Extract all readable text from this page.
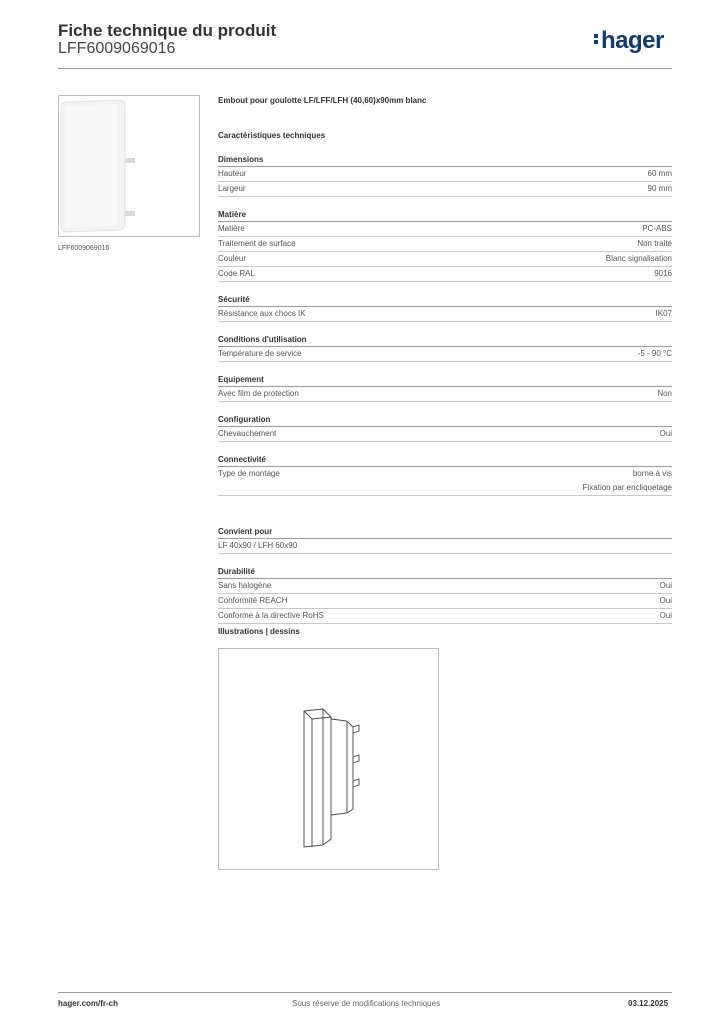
Fiche technique du produit
LFF6009069016	hager
LFF6009069016
Embout pour goulotte LF/LFF/LFH (40,60)x90mm blanc
Caractéristiques techniques
Dimensions
Hauteur	60 mm
Largeur	90 mm
Matière
Matière	PC-ABS
Traitement de surface	Non traité
Couleur	Blanc signalisation
Code RAL	9016
Sécurité
Résistance aux chocs IK	IK07
Conditions d'utilisation
Température de service	-5 - 90 °C
Equipement
Avec film de protection	Non
Configuration
Chevauchement	Oui
Connectivité
Type de montage	borne à vis
Fixation par encliquetage
Convient pour
LF 40x90 / LFH 60x90
Durabilité
Sans halogène	Oui
Conformité REACH	Oui
Conforme à la directive RoHS	Oui
Illustrations | dessins
hager.com/fr-ch	Sous réserve de modifications techniques	03.12.2025
